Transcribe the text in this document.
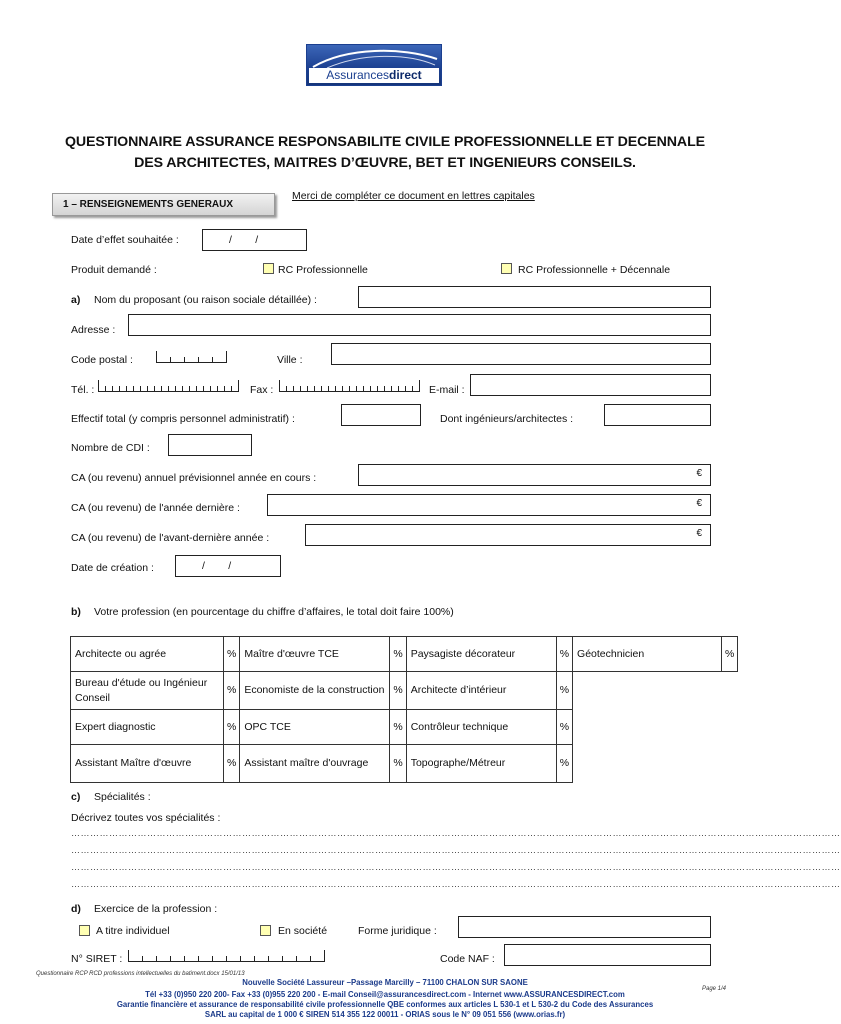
Assurancesdirect
QUESTIONNAIRE ASSURANCE RESPONSABILITE CIVILE PROFESSIONNELLE ET DECENNALE
DES ARCHITECTES, MAITRES D’ŒUVRE, BET ET INGENIEURS CONSEILS.
1 – RENSEIGNEMENTS GENERAUX
Merci de compléter ce document en lettres capitales
Date d’effet souhaitée :	/        /
Produit demandé :	RC Professionnelle	RC Professionnelle + Décennale
a) Nom du proposant (ou raison sociale détaillée) :
Adresse :
Code postal :	Ville :
Tél. :	Fax :	E-mail :
Effectif total (y compris personnel administratif) :	Dont ingénieurs/architectes :
Nombre de CDI :
CA (ou revenu) annuel prévisionnel année en cours :	€
CA (ou revenu) de l'année dernière :	€
CA (ou revenu) de l'avant-dernière année :	€
Date de création :	/        /
b) Votre profession (en pourcentage du chiffre d’affaires, le total doit faire 100%)
Architecte ou agrée	%	Maître d'œuvre TCE	%	Paysagiste décorateur	%	Géotechnicien	%
Bureau d'étude ou Ingénieur Conseil	%	Economiste de la construction	%	Architecte d’intérieur	%		
Expert diagnostic	%	OPC TCE	%	Contrôleur technique	%		
Assistant Maître d'œuvre	%	Assistant maître d'ouvrage	%	Topographe/Métreur	%		
c) Spécialités :
Décrivez toutes vos spécialités :
………………………………………………………………………………………………………………………………………………………………………………………………………………………
………………………………………………………………………………………………………………………………………………………………………………………………………………………
………………………………………………………………………………………………………………………………………………………………………………………………………………………
………………………………………………………………………………………………………………………………………………………………………………………………………………………
d) Exercice de la profession :
A titre individuel	En société	Forme juridique :
N° SIRET :	Code NAF :
Questionnaire RCP RCD professions intellectuelles du batiment.docx 15/01/13
Page 1/4
Nouvelle Société Lassureur –Passage Marcilly – 71100 CHALON SUR SAONE
Tél +33 (0)950 220 200- Fax +33 (0)955 220 200 - E-mail Conseil@assurancesdirect.com - Internet www.ASSURANCESDIRECT.com
Garantie financière et assurance de responsabilité civile professionnelle QBE conformes aux articles L 530-1 et L 530-2 du Code des Assurances
SARL au capital de 1 000 € SIREN 514 355 122 00011 - ORIAS sous le N° 09 051 556 (www.orias.fr)
